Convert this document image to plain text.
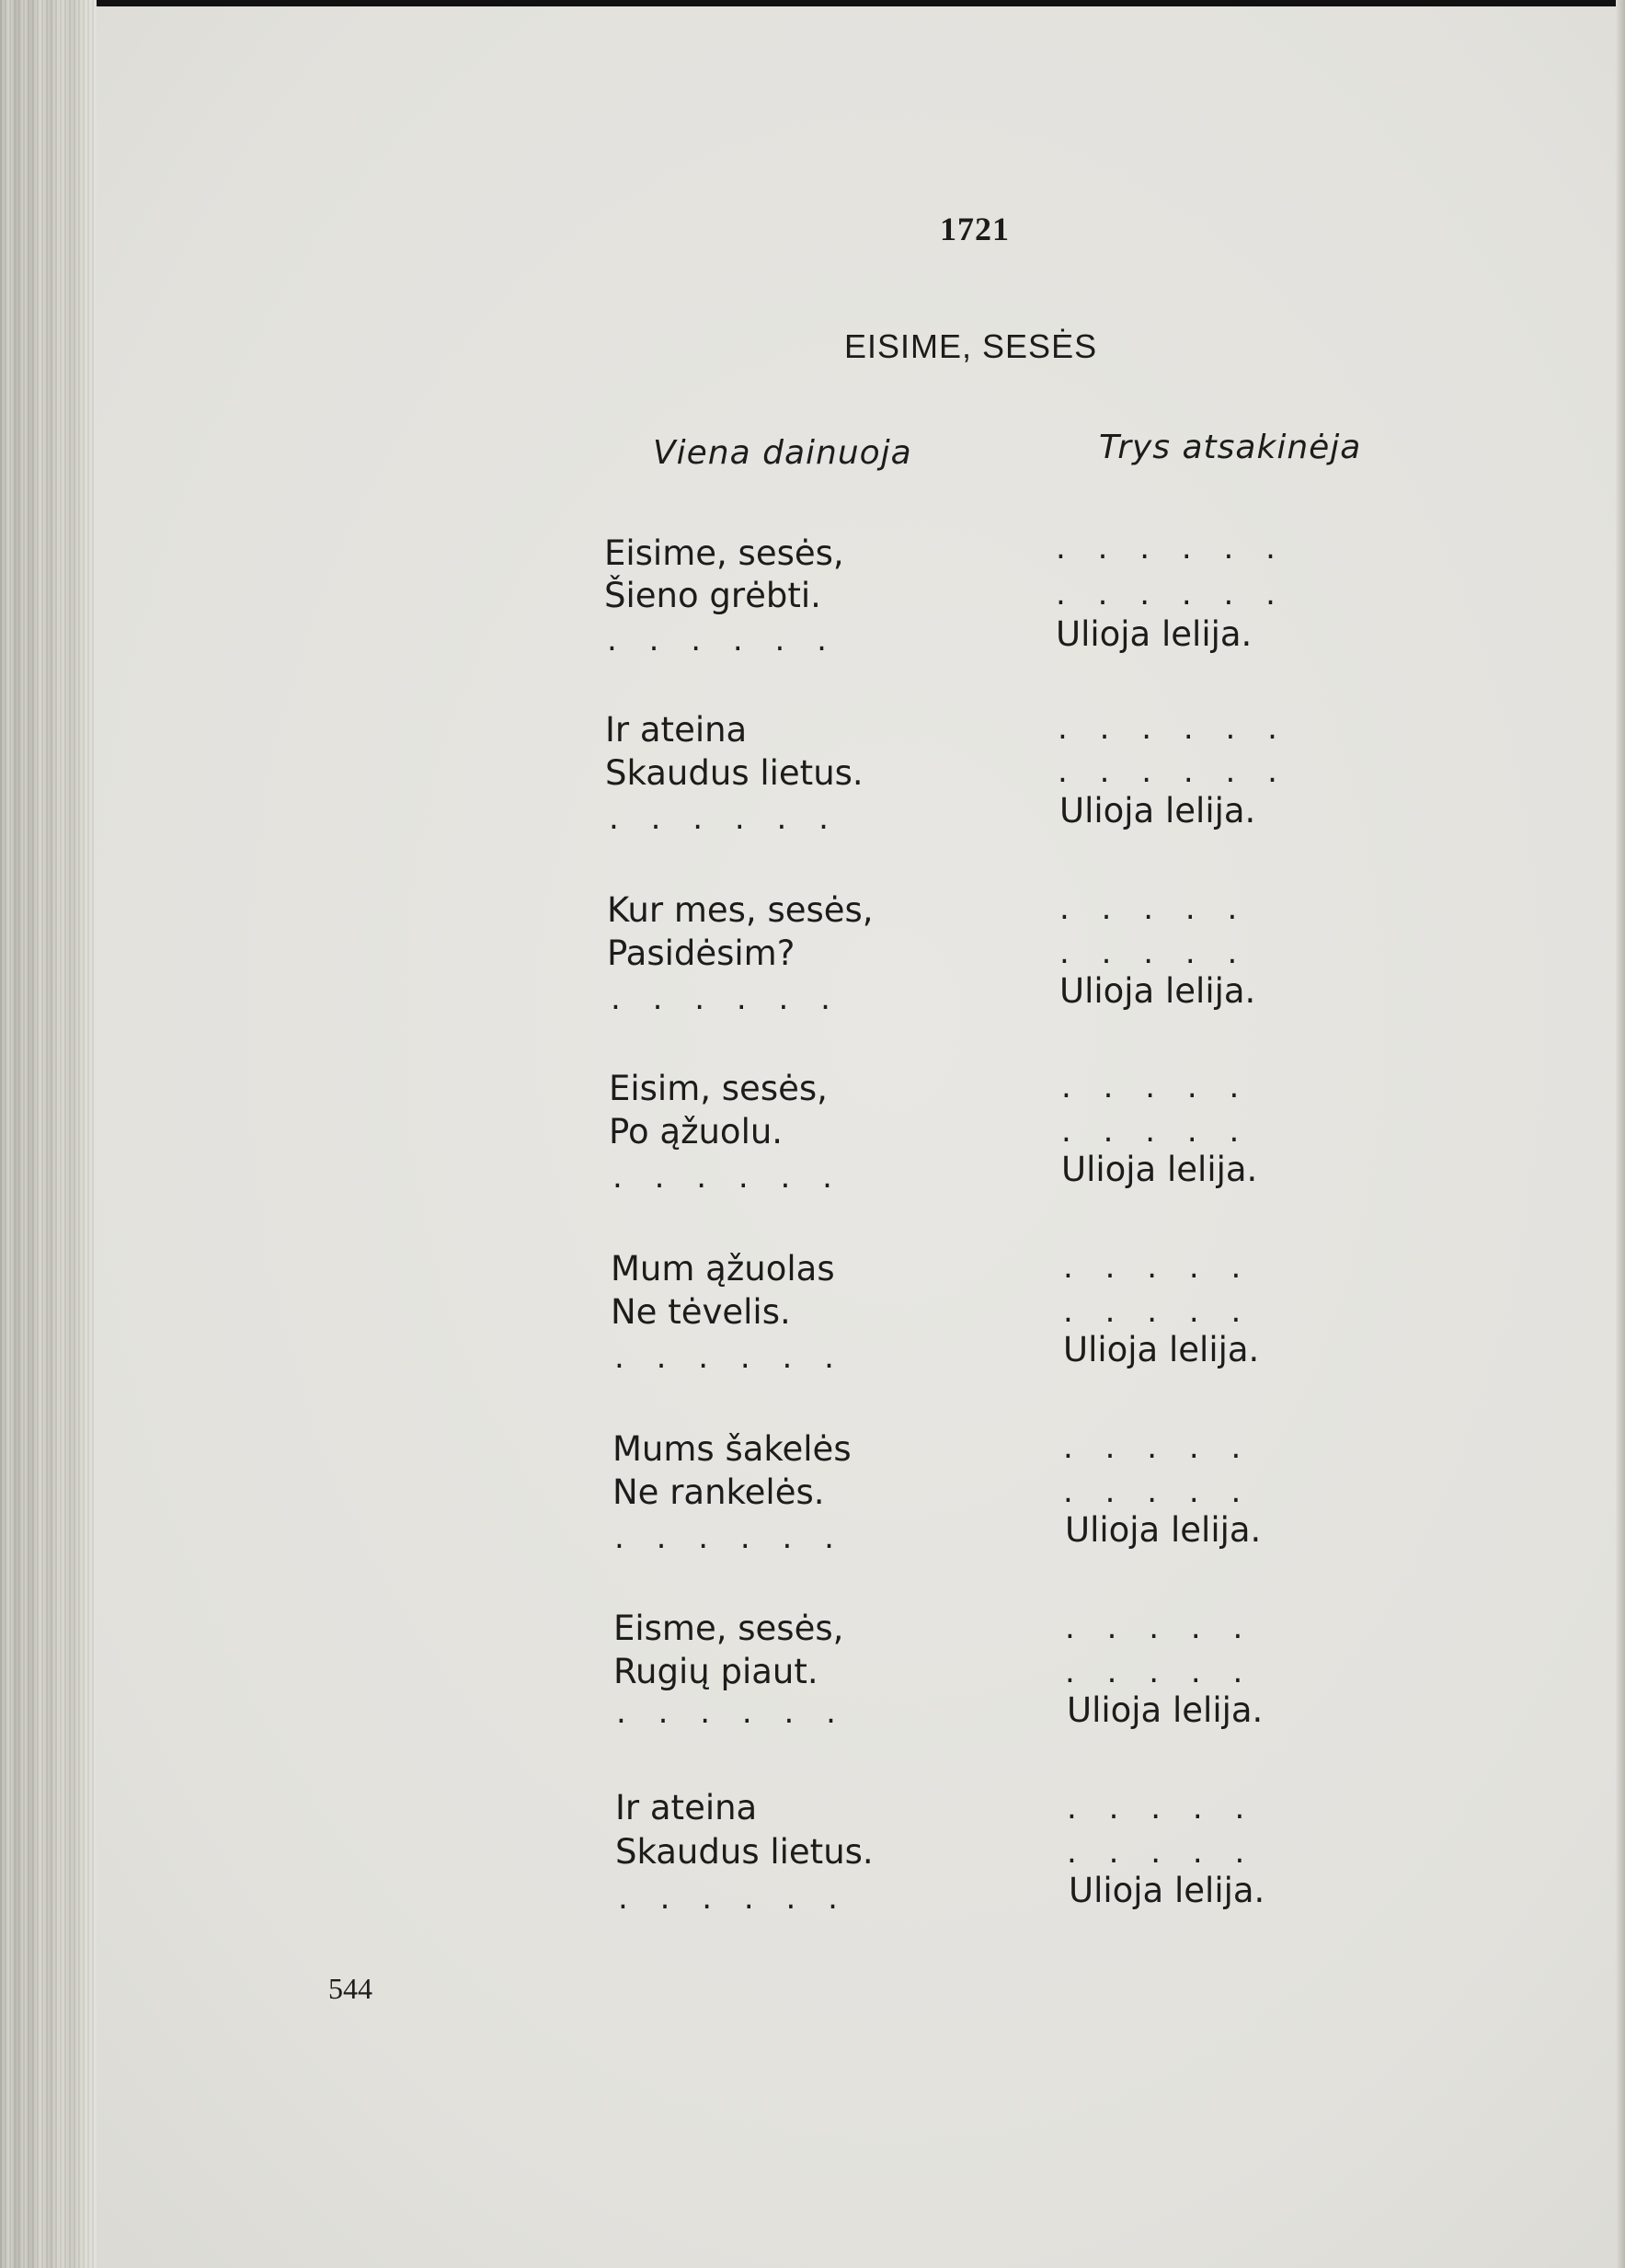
1721
EISIME, SESĖS
Viena dainuoja	Trys atsakinėja
Eisime, sesės,
Šieno grėbti.
. . . . . .
. . . . . .
. . . . . .
Ulioja lelija.
Ir ateina
Skaudus lietus.
. . . . . .
. . . . . .
. . . . . .
Ulioja lelija.
Kur mes, sesės,
Pasidėsim?
. . . . . .
. . . . .
. . . . .
Ulioja lelija.
Eisim, sesės,
Po ąžuolu.
. . . . . .
. . . . .
. . . . .
Ulioja lelija.
Mum ąžuolas
Ne tėvelis.
. . . . . .
. . . . .
. . . . .
Ulioja lelija.
Mums šakelės
Ne rankelės.
. . . . . .
. . . . .
. . . . .
Ulioja lelija.
Eisme, sesės,
Rugių piaut.
. . . . . .
. . . . .
. . . . .
Ulioja lelija.
Ir ateina
Skaudus lietus.
. . . . . .
. . . . .
. . . . .
Ulioja lelija.
544
